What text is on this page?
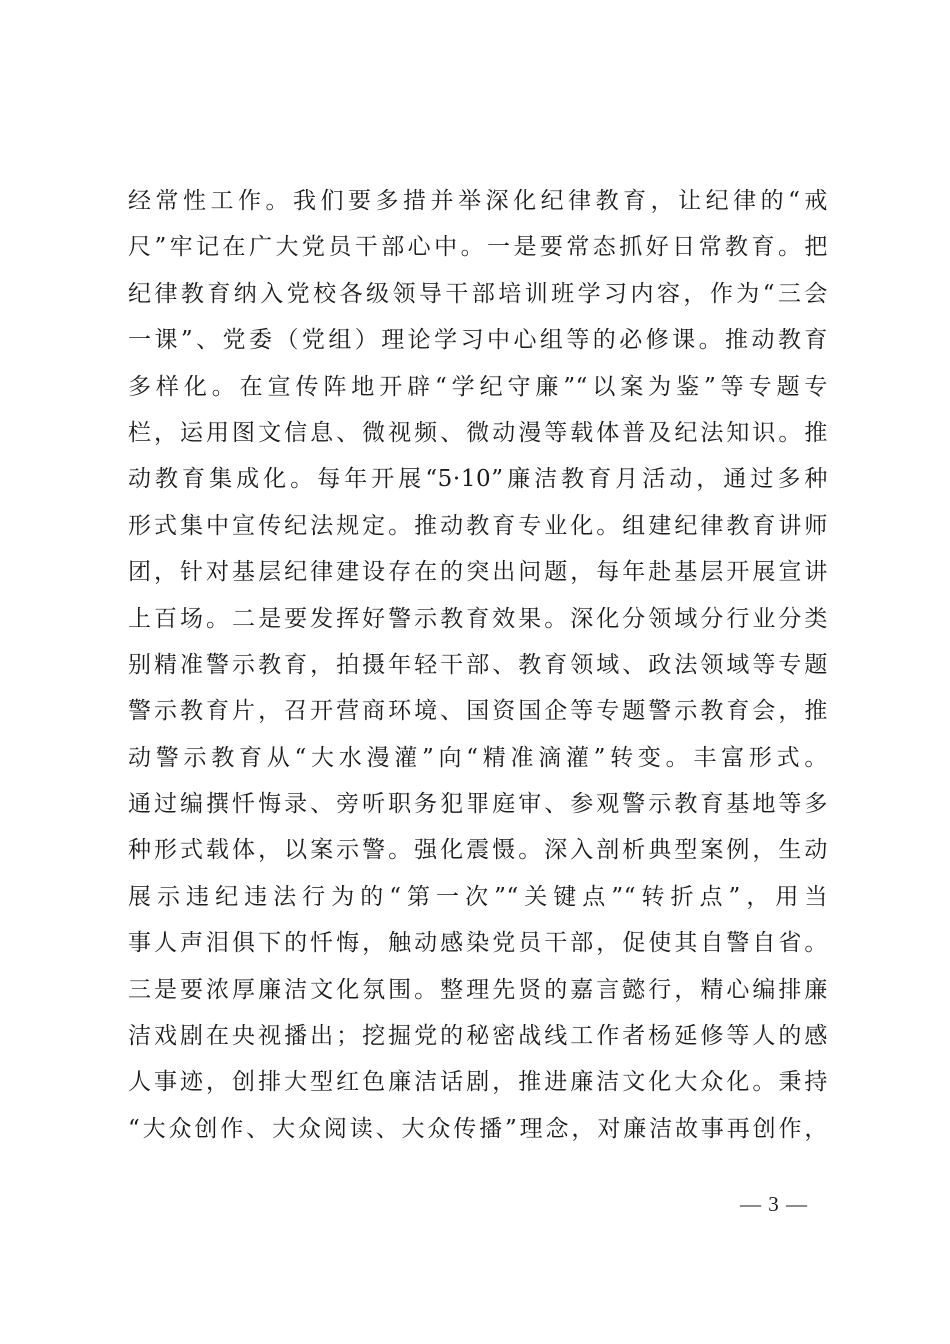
经常性工作。我们要多措并举深化纪律教育，让纪律的“戒
尺”牢记在广大党员干部心中。一是要常态抓好日常教育。把
纪律教育纳入党校各级领导干部培训班学习内容，作为“三会
一课”、党委（党组）理论学习中心组等的必修课。推动教育
多样化。在宣传阵地开辟“学纪守廉”“以案为鉴”等专题专
栏，运用图文信息、微视频、微动漫等载体普及纪法知识。推
动教育集成化。每年开展“5·10”廉洁教育月活动，通过多种
形式集中宣传纪法规定。推动教育专业化。组建纪律教育讲师
团，针对基层纪律建设存在的突出问题，每年赴基层开展宣讲
上百场。二是要发挥好警示教育效果。深化分领域分行业分类
别精准警示教育，拍摄年轻干部、教育领域、政法领域等专题
警示教育片，召开营商环境、国资国企等专题警示教育会，推
动警示教育从“大水漫灌”向“精准滴灌”转变。丰富形式。
通过编撰忏悔录、旁听职务犯罪庭审、参观警示教育基地等多
种形式载体，以案示警。强化震慑。深入剖析典型案例，生动
展示违纪违法行为的“第一次”“关键点”“转折点”，用当
事人声泪俱下的忏悔，触动感染党员干部，促使其自警自省。
三是要浓厚廉洁文化氛围。整理先贤的嘉言懿行，精心编排廉
洁戏剧在央视播出；挖掘党的秘密战线工作者杨延修等人的感
人事迹，创排大型红色廉洁话剧，推进廉洁文化大众化。秉持
“大众创作、大众阅读、大众传播”理念，对廉洁故事再创作，
— 3 —
